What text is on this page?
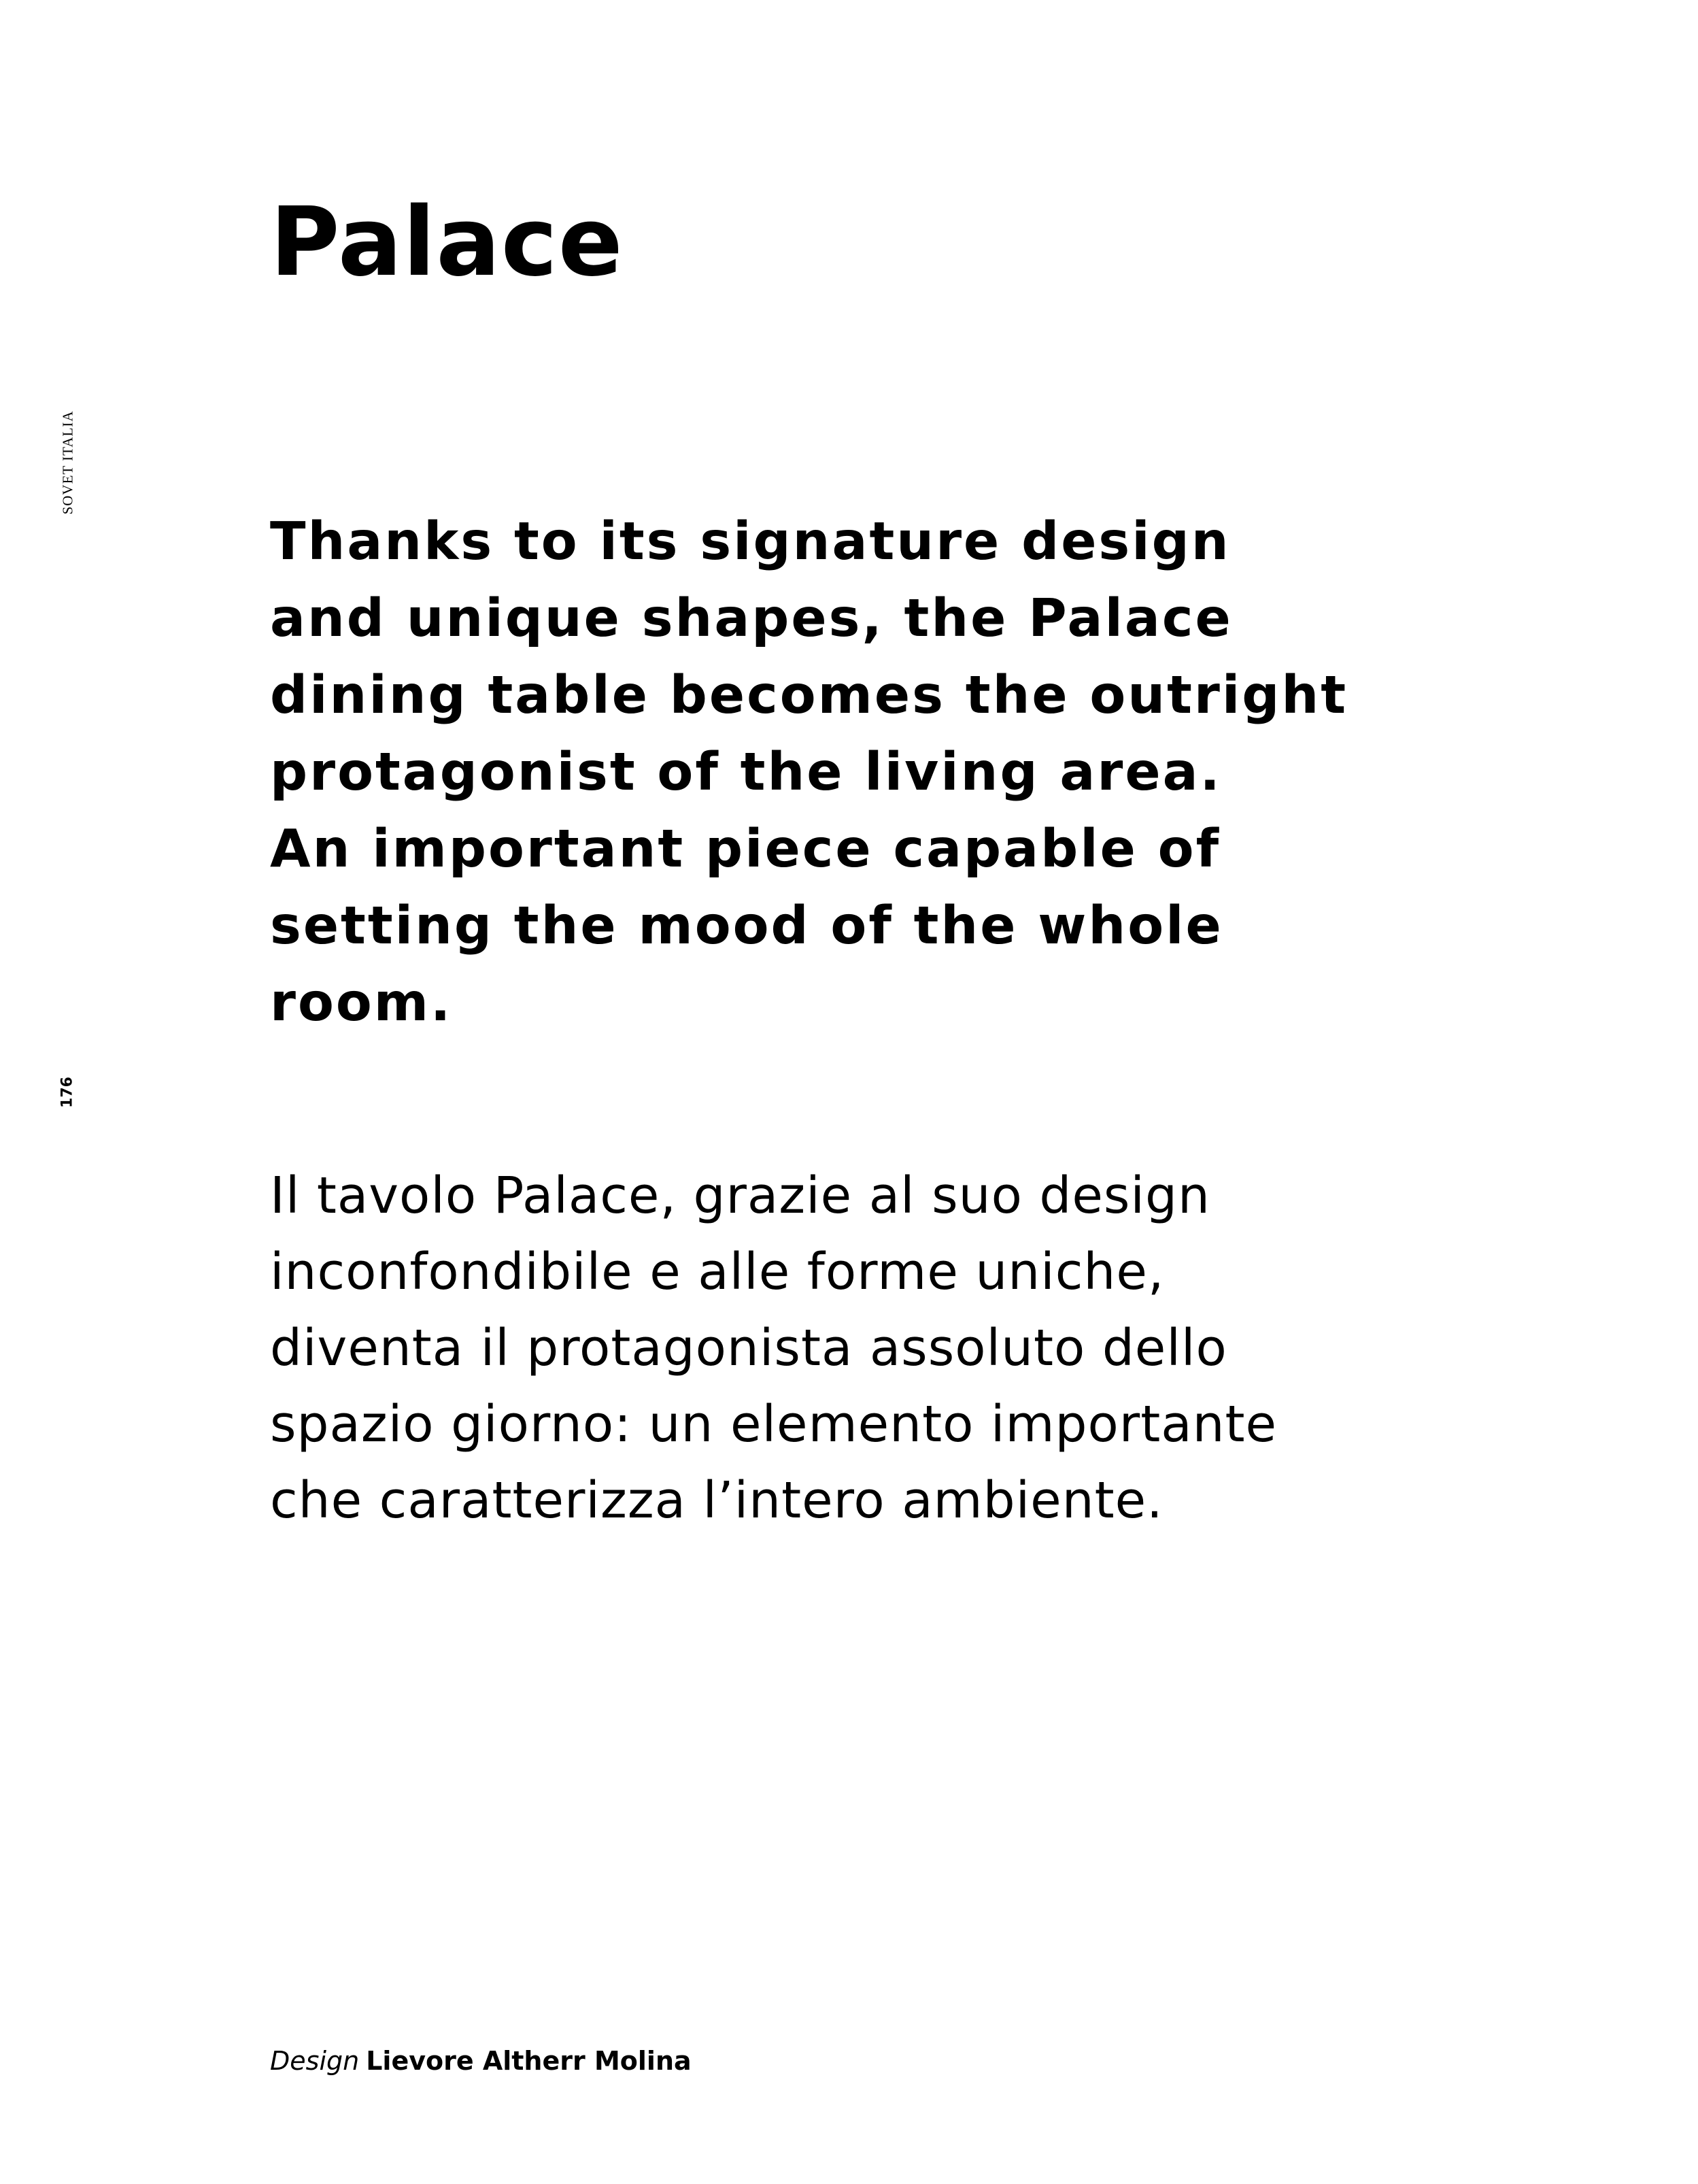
SOVET ITALIA
176
Palace

Thanks to its signature design
and unique shapes, the Palace
dining table becomes the outright
protagonist of the living area.
An important piece capable of
setting the mood of the whole
room.

Il tavolo Palace, grazie al suo design
inconfondibile e alle forme uniche,
diventa il protagonista assoluto dello
spazio giorno: un elemento importante
che caratterizza l’intero ambiente.

Design Lievore Altherr Molina
